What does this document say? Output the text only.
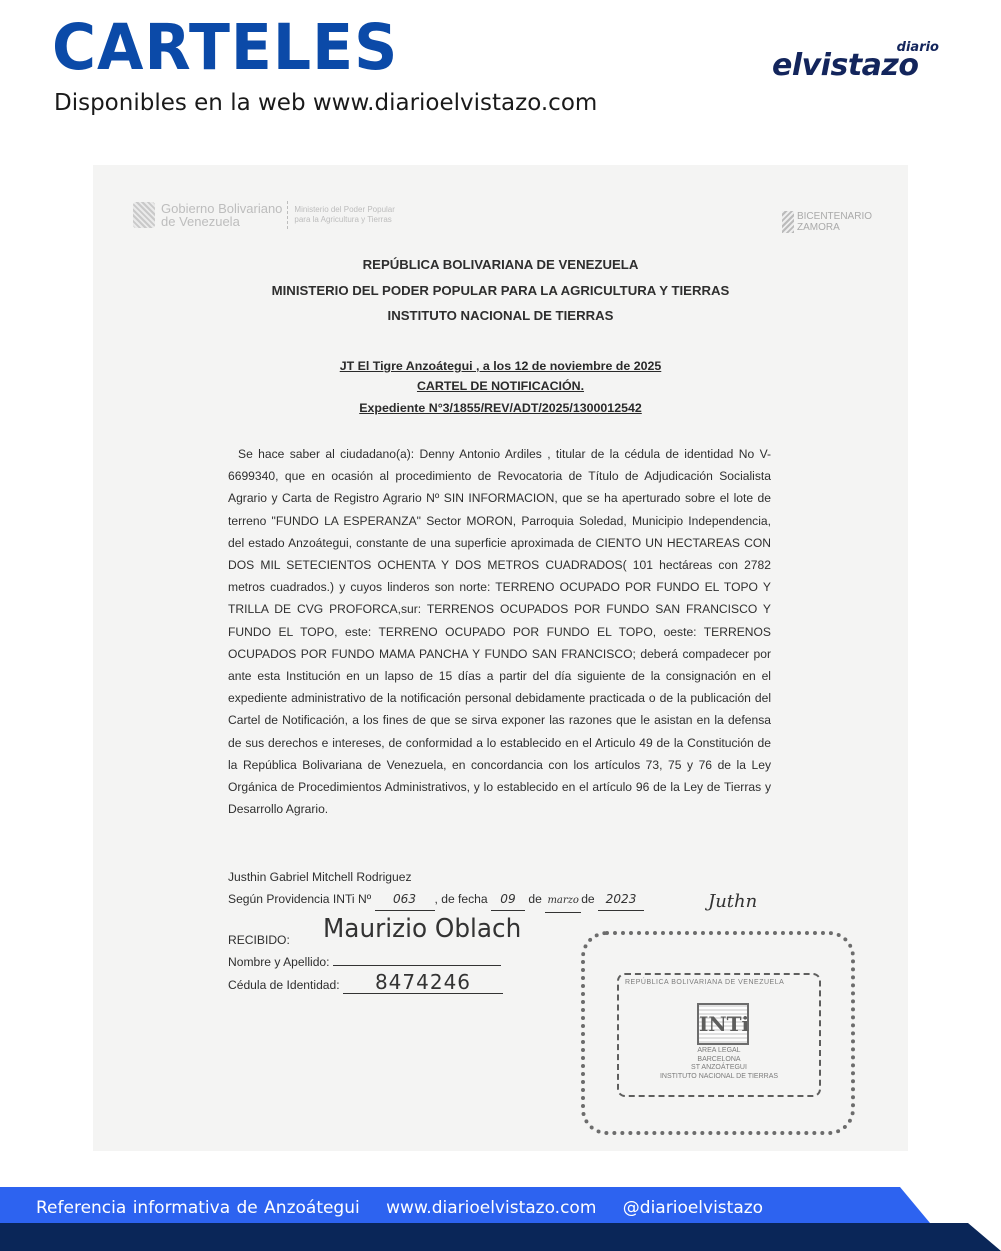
CARTELES
Disponibles en la web www.diarioelvistazo.com
diario
elvistazo
Gobierno Bolivariano
de Venezuela
Ministerio del Poder Popular
para la Agricultura y Tierras	BICENTENARIO
ZAMORA
REPÚBLICA BOLIVARIANA DE VENEZUELA
MINISTERIO DEL PODER POPULAR PARA LA AGRICULTURA Y TIERRAS
INSTITUTO NACIONAL DE TIERRAS
JT El Tigre Anzoátegui , a los 12 de noviembre de 2025
CARTEL DE NOTIFICACIÓN.
Expediente N°3/1855/REV/ADT/2025/1300012542
Se hace saber al ciudadano(a): Denny Antonio Ardiles , titular de la cédula de identidad No V- 6699340, que en ocasión al procedimiento de Revocatoria de Título de Adjudicación Socialista Agrario y Carta de Registro Agrario Nº SIN INFORMACION, que se ha aperturado sobre el lote de terreno "FUNDO LA ESPERANZA" Sector MORON, Parroquia Soledad, Municipio Independencia, del estado Anzoátegui, constante de una superficie aproximada de CIENTO UN HECTAREAS CON DOS MIL SETECIENTOS OCHENTA Y DOS METROS CUADRADOS( 101 hectáreas con 2782 metros cuadrados.) y cuyos linderos son norte: TERRENO OCUPADO POR FUNDO EL TOPO Y TRILLA DE CVG PROFORCA,sur: TERRENOS OCUPADOS POR FUNDO SAN FRANCISCO Y FUNDO EL TOPO, este: TERRENO OCUPADO POR FUNDO EL TOPO, oeste: TERRENOS OCUPADOS POR FUNDO MAMA PANCHA Y FUNDO SAN FRANCISCO; deberá compadecer por ante esta Institución en un lapso de 15 días a partir del día siguiente de la consignación en el expediente administrativo de la notificación personal debidamente practicada o de la publicación del Cartel de Notificación, a los fines de que se sirva exponer las razones que le asistan en la defensa de sus derechos e intereses, de conformidad a lo establecido en el Articulo 49 de la Constitución de la República Bolivariana de Venezuela, en concordancia con los artículos 73, 75 y 76 de la Ley Orgánica de Procedimientos Administrativos, y lo establecido en el artículo 96 de la Ley de Tierras y Desarrollo Agrario.
Justhin Gabriel Mitchell Rodriguez
Según Providencia INTi Nº 063 , de fecha 09 de marzo de 2023	Juthn
RECIBIDO:
Nombre y Apellido:
Maurizio Oblach
Cédula de Identidad: 8474246	REPÚBLICA BOLIVARIANA DE VENEZUELA
INTi
AREA LEGAL
BARCELONA
ST ANZOÁTEGUI
INSTITUTO NACIONAL DE TIERRAS
Referencia informativa de Anzoátegui www.diarioelvistazo.com @diarioelvistazo
